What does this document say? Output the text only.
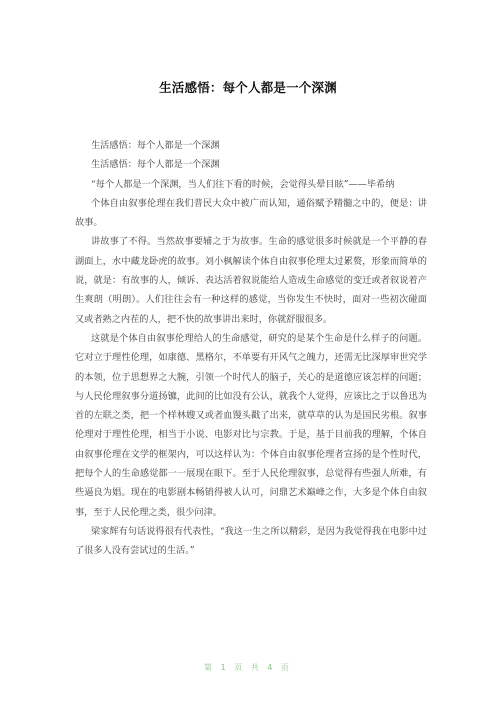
生活感悟：每个人都是一个深渊

生活感悟：每个人都是一个深渊

生活感悟：每个人都是一个深渊

“每个人都是一个深渊，当人们往下看的时候，会觉得头晕目眩”——毕希纳

个体自由叙事伦理在我们普民大众中被广而认知，通俗赋予精髓之中的，便是：讲故事。

讲故事了不得。当然故事要辅之于为故事。生命的感觉很多时候就是一个平静的春湖面上，水中藏龙卧虎的故事。刘小枫解读个体自由叙事伦理太过累赘，形象而简单的说，就是：有故事的人，倾诉、表达活着叙说能给人造成生命感觉的变迁或者叙说着产生爽朗（明朗）。人们往往会有一种这样的感觉，当你发生不快时，面对一些初次碰面又或者熟之内茬的人，把不快的故事讲出来时，你就舒服很多。

这就是个体自由叙事伦理给人的生命感觉，研究的是某个生命是什么样子的问题。它对立于理性伦理，如康德、黑格尔，不单要有开风气之魄力，还需无比深厚审世究学的本领，位于思想界之大腕，引领一个时代人的脑子，关心的是道德应该怎样的问题；与人民伦理叙事分道扬镳，此间的比如没有公认，就我个人觉得，应该比之于以鲁迅为首的左联之类，把一个样林嫂又或者血馒头戳了出来，就草草的认为是国民劣根。叙事伦理对于理性伦理，相当于小说、电影对比与宗教。于是，基于目前我的理解，个体自由叙事伦理在文学的框架内，可以这样认为：个体自由叙事伦理者宣扬的是个性时代，把每个人的生命感觉都一一展现在眼下。至于人民伦理叙事，总觉得有些强人所难，有些逼良为娼。现在的电影剧本畅销得被人认可，问鼎艺术巅峰之作，大多是个体自由叙事，至于人民伦理之类，很少问津。

梁家辉有句话说得很有代表性，“我这一生之所以精彩，是因为我觉得我在电影中过了很多人没有尝试过的生活。”

第 1 页 共 4 页
